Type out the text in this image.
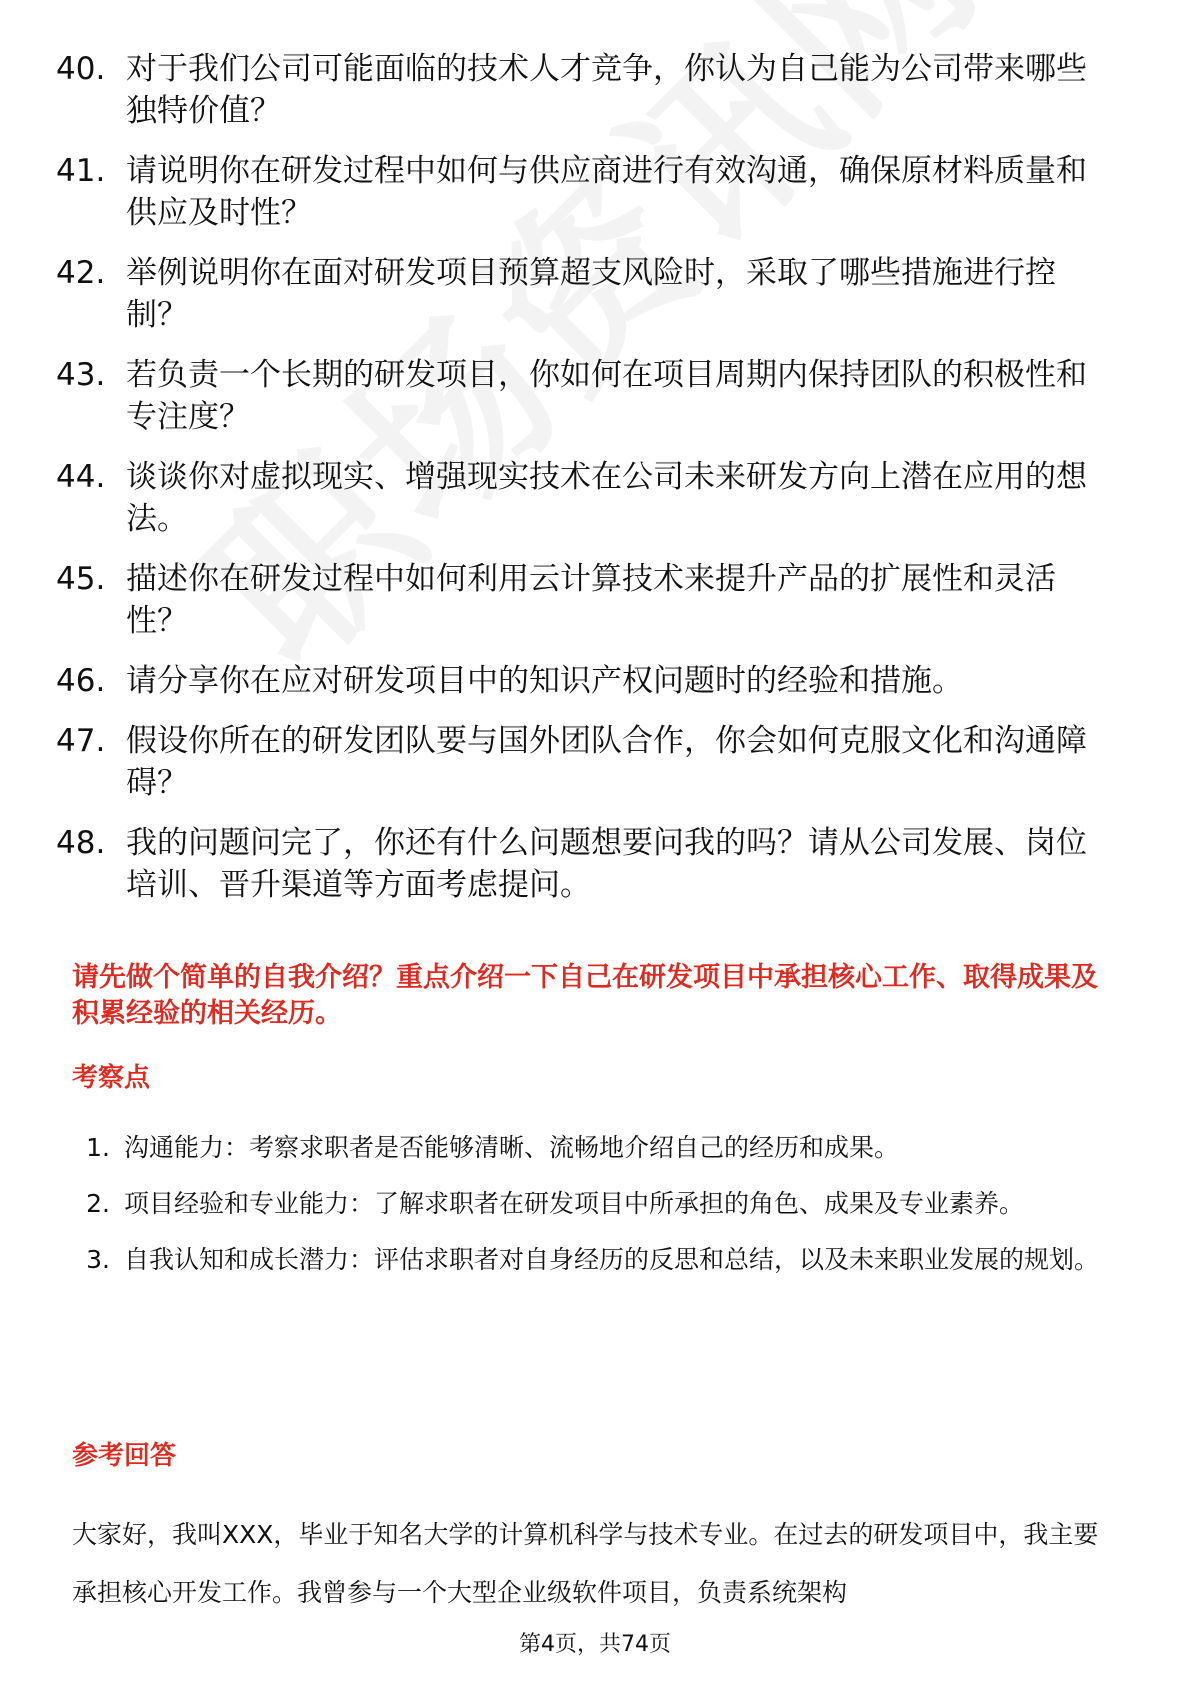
40. 对于我们公司可能面临的技术人才竞争，你认为自己能为公司带来哪些独特价值？
41. 请说明你在研发过程中如何与供应商进行有效沟通，确保原材料质量和供应及时性？
42. 举例说明你在面对研发项目预算超支风险时，采取了哪些措施进行控制？
43. 若负责一个长期的研发项目，你如何在项目周期内保持团队的积极性和专注度？
44. 谈谈你对虚拟现实、增强现实技术在公司未来研发方向上潜在应用的想法。
45. 描述你在研发过程中如何利用云计算技术来提升产品的扩展性和灵活性？
46. 请分享你在应对研发项目中的知识产权问题时的经验和措施。
47. 假设你所在的研发团队要与国外团队合作，你会如何克服文化和沟通障碍？
48. 我的问题问完了，你还有什么问题想要问我的吗？请从公司发展、岗位培训、晋升渠道等方面考虑提问。
请先做个简单的自我介绍？重点介绍一下自己在研发项目中承担核心工作、取得成果及积累经验的相关经历。
考察点
1. 沟通能力：考察求职者是否能够清晰、流畅地介绍自己的经历和成果。
2. 项目经验和专业能力：了解求职者在研发项目中所承担的角色、成果及专业素养。
3. 自我认知和成长潜力：评估求职者对自身经历的反思和总结，以及未来职业发展的规划。
参考回答
大家好，我叫XXX，毕业于知名大学的计算机科学与技术专业。在过去的研发项目中，我主要承担核心开发工作。我曾参与一个大型企业级软件项目，负责系统架构
第4页，共74页
